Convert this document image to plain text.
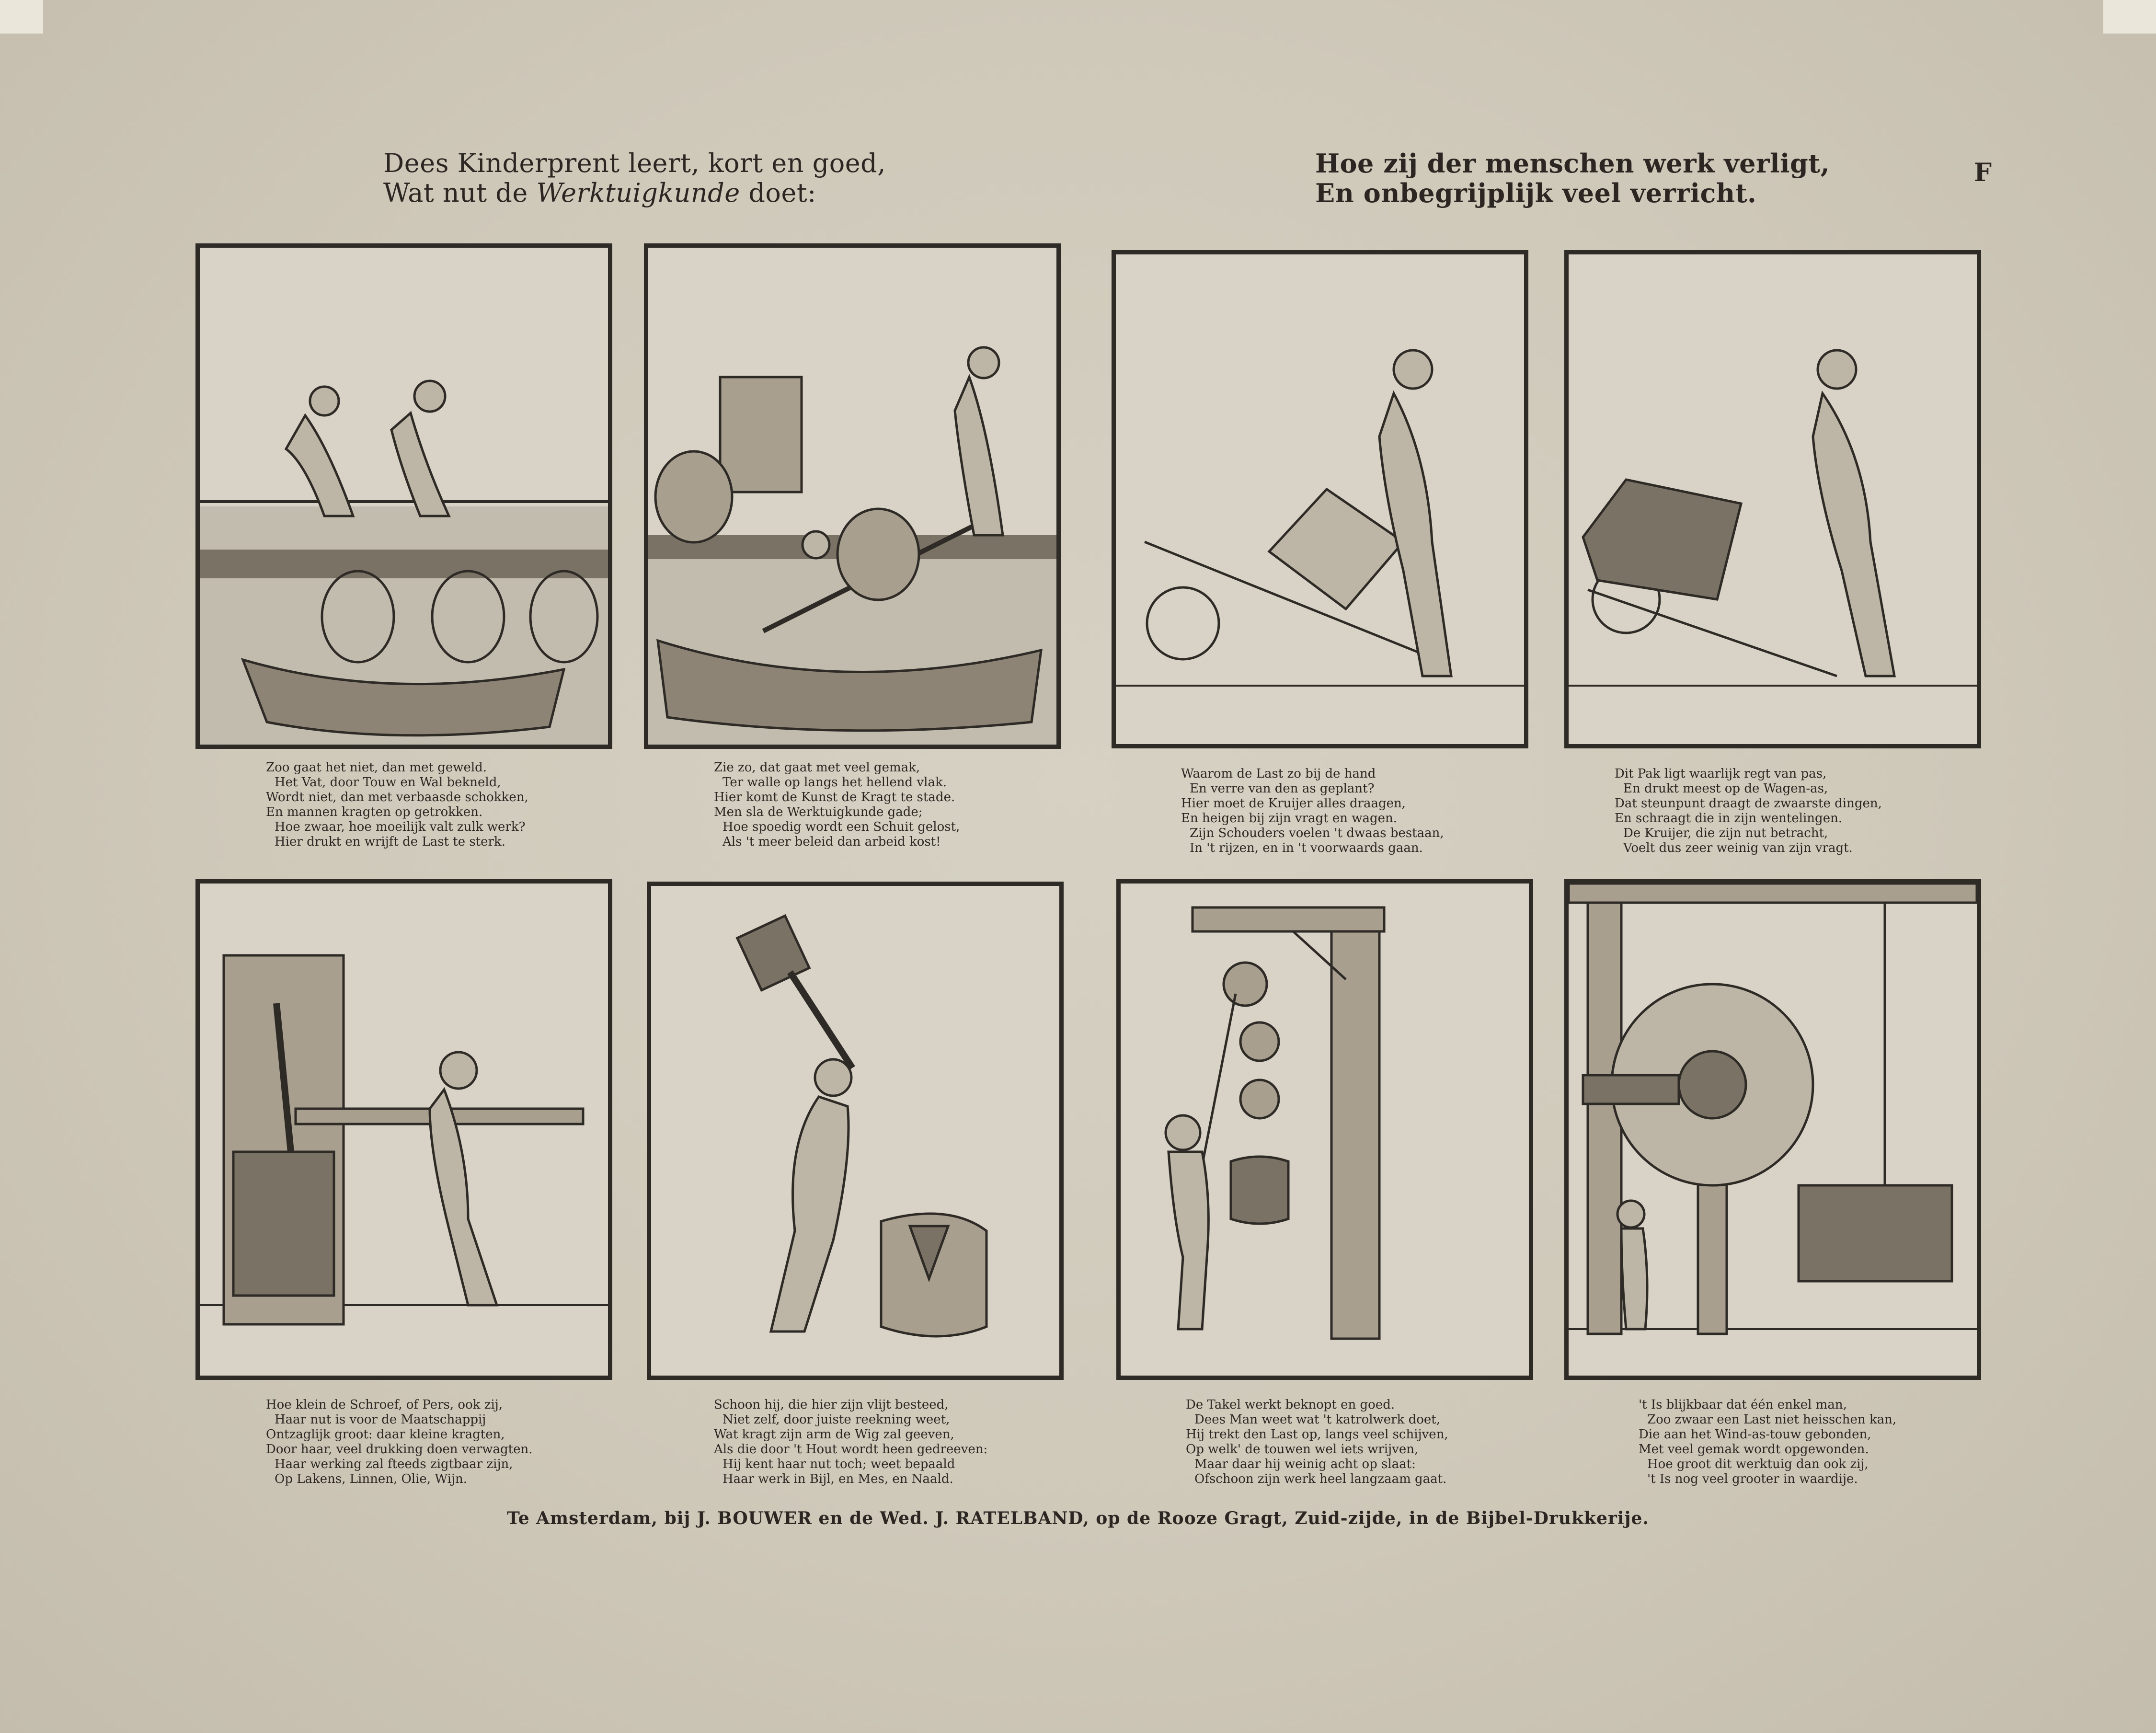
Dees Kinderprent leert, kort en goed,
Wat nut de Werktuigkunde doet:
Hoe zij der menschen werk verligt,
En onbegrijplijk veel verricht.
F
Zoo gaat het niet, dan met geweld.
Het Vat, door Touw en Wal bekneld,
Wordt niet, dan met verbaasde schokken,
En mannen kragten op getrokken.
Hoe zwaar, hoe moeilijk valt zulk werk?
Hier drukt en wrijft de Last te sterk.
Zie zo, dat gaat met veel gemak,
Ter walle op langs het hellend vlak.
Hier komt de Kunst de Kragt te stade.
Men sla de Werktuigkunde gade;
Hoe spoedig wordt een Schuit gelost,
Als 't meer beleid dan arbeid kost!
Waarom de Last zo bij de hand
En verre van den as geplant?
Hier moet de Kruijer alles draagen,
En heigen bij zijn vragt en wagen.
Zijn Schouders voelen 't dwaas bestaan,
In 't rijzen, en in 't voorwaards gaan.
Dit Pak ligt waarlijk regt van pas,
En drukt meest op de Wagen-as,
Dat steunpunt draagt de zwaarste dingen,
En schraagt die in zijn wentelingen.
De Kruijer, die zijn nut betracht,
Voelt dus zeer weinig van zijn vragt.
Hoe klein de Schroef, of Pers, ook zij,
Haar nut is voor de Maatschappij
Ontzaglijk groot: daar kleine kragten,
Door haar, veel drukking doen verwagten.
Haar werking zal fteeds zigtbaar zijn,
Op Lakens, Linnen, Olie, Wijn.
Schoon hij, die hier zijn vlijt besteed,
Niet zelf, door juiste reekning weet,
Wat kragt zijn arm de Wig zal geeven,
Als die door 't Hout wordt heen gedreeven:
Hij kent haar nut toch; weet bepaald
Haar werk in Bijl, en Mes, en Naald.
De Takel werkt beknopt en goed.
Dees Man weet wat 't katrolwerk doet,
Hij trekt den Last op, langs veel schijven,
Op welk' de touwen wel iets wrijven,
Maar daar hij weinig acht op slaat:
Ofschoon zijn werk heel langzaam gaat.
't Is blijkbaar dat één enkel man,
Zoo zwaar een Last niet heisschen kan,
Die aan het Wind-as-touw gebonden,
Met veel gemak wordt opgewonden.
Hoe groot dit werktuig dan ook zij,
't Is nog veel grooter in waardije.
Te Amsterdam, bij J. BOUWER en de Wed. J. RATELBAND, op de Rooze Gragt, Zuid-zijde, in de Bijbel-Drukkerije.
